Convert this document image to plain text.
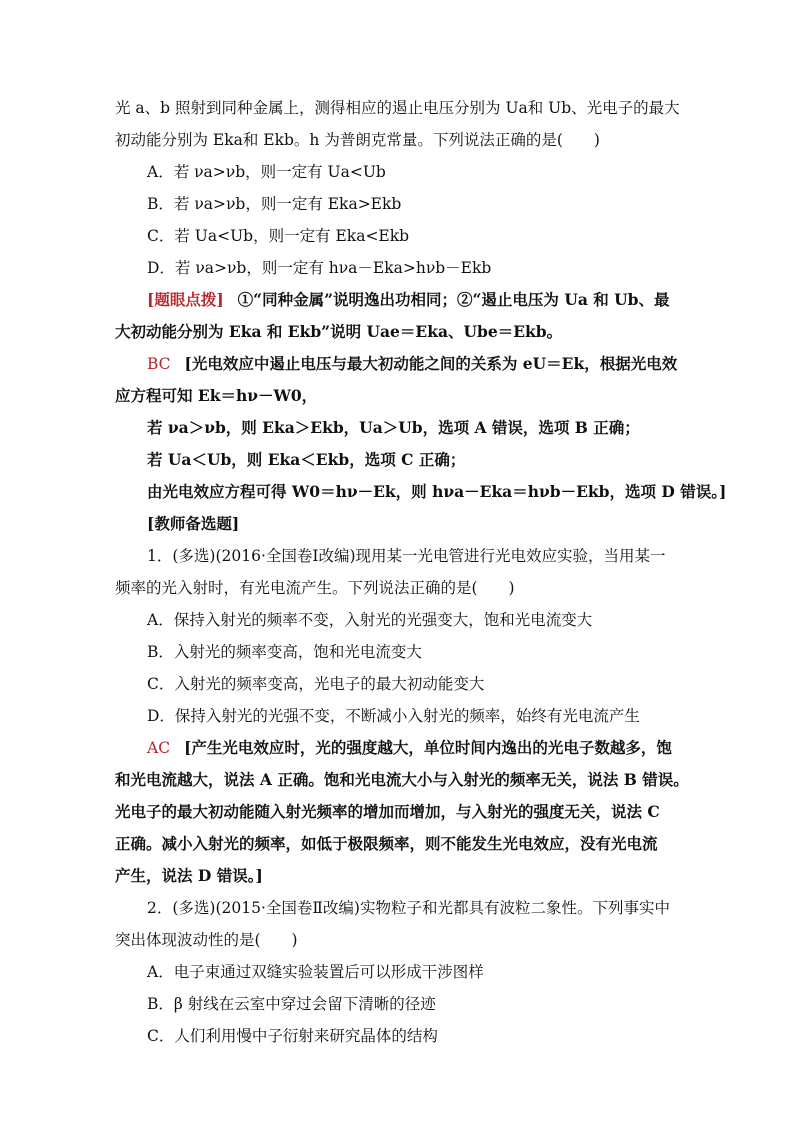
光 a、b 照射到同种金属上，测得相应的遏止电压分别为 Ua和 Ub、光电子的最大
初动能分别为 Eka和 Ekb。h 为普朗克常量。下列说法正确的是(　　)
A．若 νa>νb，则一定有 Ua<Ub
B．若 νa>νb，则一定有 Eka>Ekb
C．若 Ua<Ub，则一定有 Eka<Ekb
D．若 νa>νb，则一定有 hνa－Eka>hνb－Ekb
[题眼点拨] ①“同种金属”说明逸出功相同；②“遏止电压为 Ua 和 Ub、最
大初动能分别为 Eka 和 Ekb”说明 Uae＝Eka、Ube＝Ekb。
BC [光电效应中遏止电压与最大初动能之间的关系为 eU＝Ek，根据光电效
应方程可知 Ek＝hν－W0，
若 νa＞νb，则 Eka＞Ekb，Ua＞Ub，选项 A 错误，选项 B 正确；
若 Ua＜Ub，则 Eka＜Ekb，选项 C 正确；
由光电效应方程可得 W0＝hν－Ek，则 hνa－Eka＝hνb－Ekb，选项 D 错误。]
[教师备选题]
1．(多选)(2016·全国卷Ⅰ改编)现用某一光电管进行光电效应实验，当用某一
频率的光入射时，有光电流产生。下列说法正确的是(　　)
A．保持入射光的频率不变，入射光的光强变大，饱和光电流变大
B．入射光的频率变高，饱和光电流变大
C．入射光的频率变高，光电子的最大初动能变大
D．保持入射光的光强不变，不断减小入射光的频率，始终有光电流产生
AC [产生光电效应时，光的强度越大，单位时间内逸出的光电子数越多，饱
和光电流越大，说法 A 正确。饱和光电流大小与入射光的频率无关，说法 B 错误。
光电子的最大初动能随入射光频率的增加而增加，与入射光的强度无关，说法 C
正确。减小入射光的频率，如低于极限频率，则不能发生光电效应，没有光电流
产生，说法 D 错误。]
2．(多选)(2015·全国卷Ⅱ改编)实物粒子和光都具有波粒二象性。下列事实中
突出体现波动性的是(　　)
A．电子束通过双缝实验装置后可以形成干涉图样
B．β 射线在云室中穿过会留下清晰的径迹
C．人们利用慢中子衍射来研究晶体的结构
